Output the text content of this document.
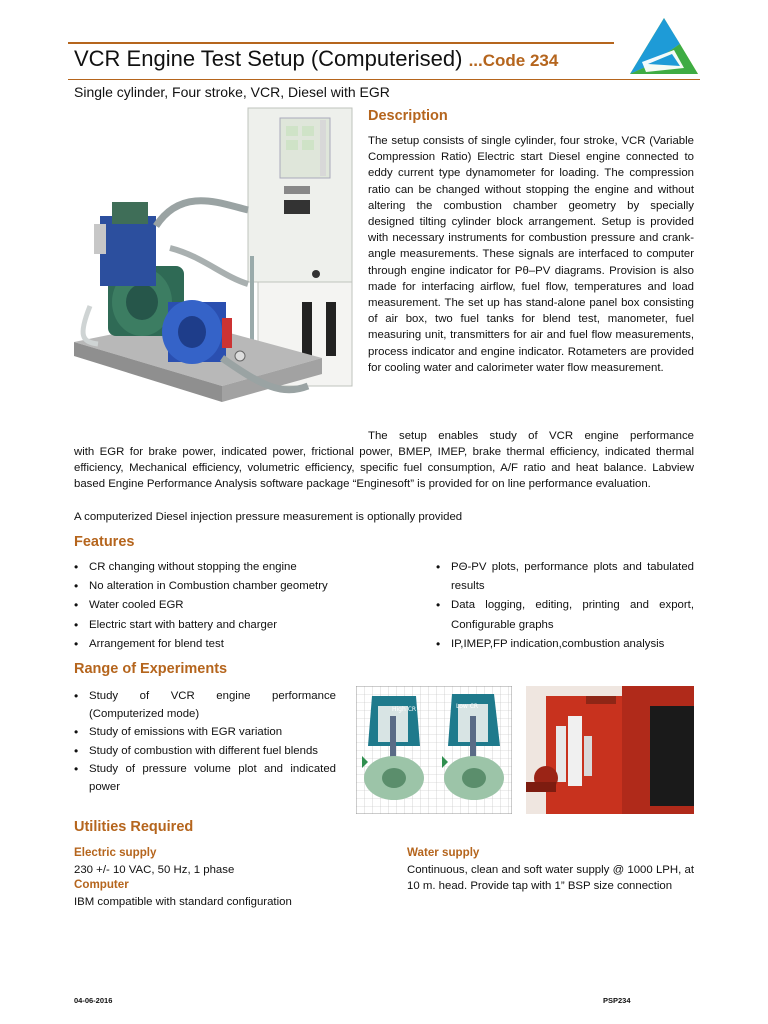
VCR Engine Test Setup (Computerised) ...Code 234
Single cylinder, Four stroke, VCR, Diesel with EGR
Description
The setup consists of single cylinder, four stroke, VCR (Variable Compression Ratio) Electric start Diesel engine connected to eddy current type dynamometer for loading. The compression ratio can be changed without stopping the engine and without altering the combustion chamber geometry by specially designed tilting cylinder block arrangement. Setup is provided with necessary instruments for combustion pressure and crank-angle measurements. These signals are interfaced to computer through engine indicator for Pθ–PV diagrams. Provision is also made for interfacing airflow, fuel flow, temperatures and load measurement. The set up has stand-alone panel box consisting of air box, two fuel tanks for blend test, manometer, fuel measuring unit, transmitters for air and fuel flow measurements, process indicator and engine indicator. Rotameters are provided for cooling water and calorimeter water flow measurement.
The setup enables study of VCR engine performance
with EGR for brake power, indicated power, frictional power, BMEP, IMEP, brake thermal efficiency, indicated thermal efficiency, Mechanical efficiency, volumetric efficiency, specific fuel consumption, A/F ratio and heat balance. Labview based Engine Performance Analysis software package “Enginesoft” is provided for on line performance evaluation.
A computerized Diesel injection pressure measurement is optionally provided
Features
• CR changing without stopping the engine
• No alteration in Combustion chamber geometry
• Water cooled EGR
• Electric start with battery and charger
• Arrangement for blend test
• PΘ-PV plots, performance plots and tabulated results
• Data logging, editing, printing and export, Configurable graphs
• IP,IMEP,FP indication,combustion analysis
Range of Experiments
• Study of VCR engine performance (Computerized mode)
• Study of emissions with EGR variation
• Study of combustion with different fuel blends
• Study of pressure volume plot and indicated power
High CR	Low CR
Utilities Required
Electric supply
230 +/- 10 VAC, 50 Hz, 1 phase
Computer
IBM compatible with standard configuration
Water supply
Continuous, clean and soft water supply @ 1000 LPH, at 10 m. head. Provide tap with 1” BSP size connection
04-06-2016	PSP234
